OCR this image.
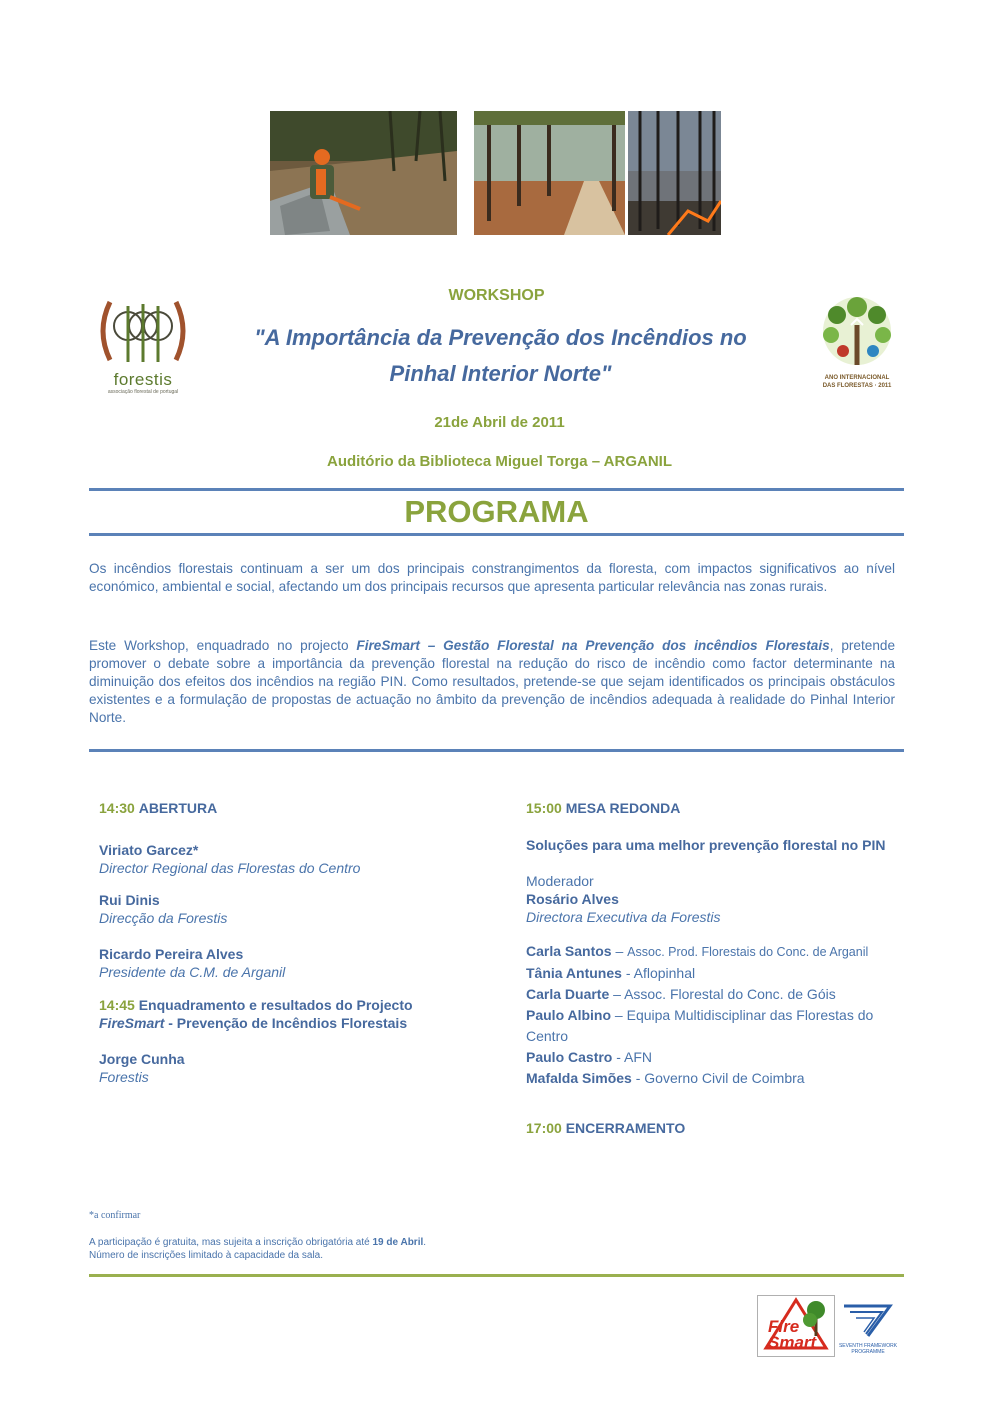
forestis
associação florestal de portugal
ANO INTERNACIONAL
DAS FLORESTAS · 2011
WORKSHOP
"A Importância da Prevenção dos Incêndios no
Pinhal Interior Norte"
21de Abril de 2011
Auditório da Biblioteca Miguel Torga – ARGANIL
PROGRAMA
Os incêndios florestais continuam a ser um dos principais constrangimentos da floresta, com impactos significativos ao nível económico, ambiental e social, afectando um dos principais recursos que apresenta particular relevância nas zonas rurais.
Este Workshop, enquadrado no projecto FireSmart – Gestão Florestal na Prevenção dos incêndios Florestais, pretende promover o debate sobre a importância da prevenção florestal na redução do risco de incêndio como factor determinante na diminuição dos efeitos dos incêndios na região PIN. Como resultados, pretende-se que sejam identificados os principais obstáculos existentes e a formulação de propostas de actuação no âmbito da prevenção de incêndios adequada à realidade do Pinhal Interior Norte.
14:30 ABERTURA
Viriato Garcez*
Director Regional das Florestas do Centro
Rui Dinis
Direcção da Forestis
Ricardo Pereira Alves
Presidente da C.M. de Arganil
14:45 Enquadramento e resultados do Projecto
FireSmart - Prevenção de Incêndios Florestais
Jorge Cunha
Forestis
15:00 MESA REDONDA
Soluções para uma melhor prevenção florestal no PIN
Moderador
Rosário Alves
Directora Executiva da Forestis
Carla Santos – Assoc. Prod. Florestais do Conc. de Arganil
Tânia Antunes - Aflopinhal
Carla Duarte – Assoc. Florestal do Conc. de Góis
Paulo Albino – Equipa Multidisciplinar das Florestas do Centro
Paulo Castro - AFN
Mafalda Simões - Governo Civil de Coimbra
17:00 ENCERRAMENTO
*a confirmar
A participação é gratuita, mas sujeita a inscrição obrigatória até 19 de Abril.
Número de inscrições limitado à capacidade da sala.
Fire
Smart	SEVENTH FRAMEWORK
PROGRAMME
